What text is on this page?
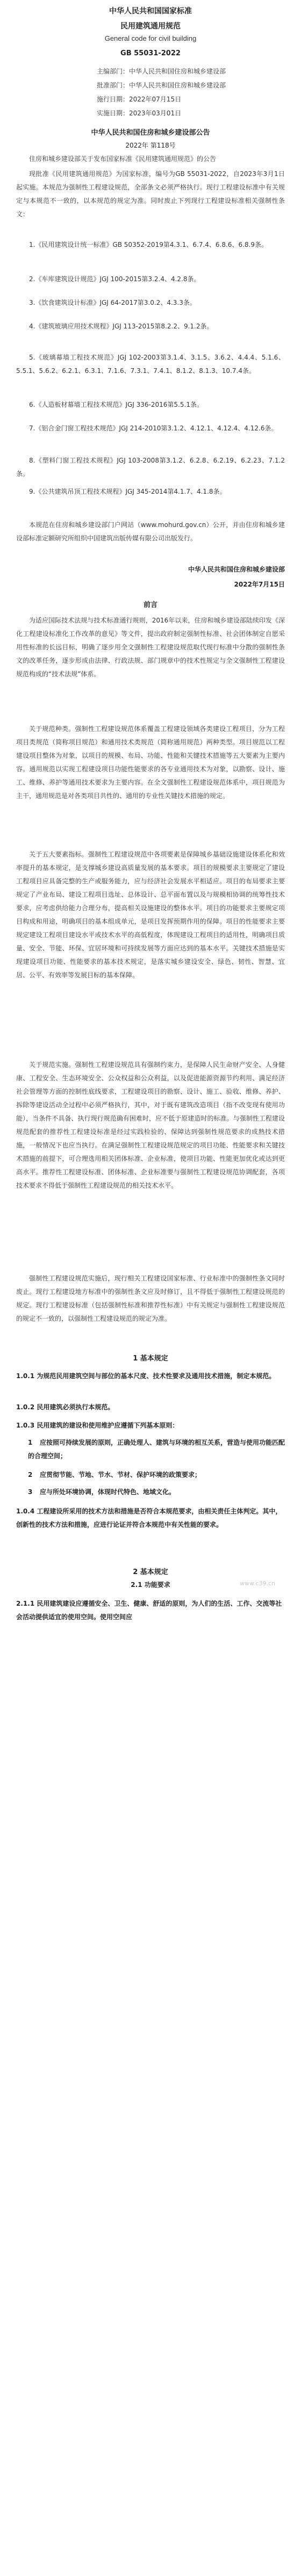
中华人民共和国国家标准
民用建筑通用规范
General code for civil building
GB 55031-2022
主编部门：中华人民共和国住房和城乡建设部
批准部门：中华人民共和国住房和城乡建设部
施行日期：2022年07月15日
实施日期：2023年03月01日
中华人民共和国住房和城乡建设部公告
2022年 第118号
住房和城乡建设部关于发布国家标准《民用建筑通用规范》的公告
现批准《民用建筑通用规范》为国家标准，编号为GB 55031-2022，自2023年3月1日起实施。本规范为强制性工程建设规范，全部条文必须严格执行。现行工程建设标准中有关规定与本规范不一致的，以本规范的规定为准。同时废止下列现行工程建设标准相关强制性条文：
1.《民用建筑设计统一标准》GB 50352-2019第4.3.1、6.7.4、6.8.6、6.8.9条。
2.《车库建筑设计规范》JGJ 100-2015第3.2.4、4.2.8条。
3.《饮食建筑设计标准》JGJ 64-2017第3.0.2、4.3.3条。
4.《建筑玻璃应用技术规程》JGJ 113-2015第8.2.2、9.1.2条。
5.《玻璃幕墙工程技术规范》JGJ 102-2003第3.1.4、3.1.5、3.6.2、4.4.4、5.1.6、5.5.1、5.6.2、6.2.1、6.3.1、7.1.6、7.3.1、7.4.1、8.1.2、8.1.3、10.7.4条。
6.《人造板材幕墙工程技术规范》JGJ 336-2016第5.5.1条。
7.《铝合金门窗工程技术规范》JGJ 214-2010第3.1.2、4.12.1、4.12.4、4.12.6条。
8.《塑料门窗工程技术规程》JGJ 103-2008第3.1.2、6.2.8、6.2.19、6.2.23、7.1.2条。
9.《公共建筑吊顶工程技术规程》JGJ 345-2014第4.1.7、4.1.8条。
本规范在住房和城乡建设部门户网站（www.mohurd.gov.cn）公开，并由住房和城乡建设部标准定额研究所组织中国建筑出版传媒有限公司出版发行。
中华人民共和国住房和城乡建设部
2022年7月15日
前言
为适应国际技术法规与技术标准通行规则，2016年以来，住房和城乡建设部陆续印发《深化工程建设标准化工作改革的意见》等文件，提出政府制定强制性标准、社会团体制定自愿采用性标准的长远目标，明确了逐步用全文强制性工程建设规范取代现行标准中分散的强制性条文的改革任务，逐步形成由法律、行政法规、部门规章中的技术性规定与全文强制性工程建设规范构成的“技术法规”体系。
关于规范种类。强制性工程建设规范体系覆盖工程建设领域各类建设工程项目，分为工程项目类规范（简称项目规范）和通用技术类规范（简称通用规范）两种类型。项目规范以工程建设项目整体为对象，以项目的规模、布局、功能、性能和关键技术措施等五大要素为主要内容。通用规范以实现工程建设项目功能性能要求的各专业通用技术为对象，以勘察、设计、施工、维修、养护等通用技术要求为主要内容。在全文强制性工程建设规范体系中，项目规范为主干，通用规范是对各类项目共性的、通用的专业性关键技术措施的规定。
关于五大要素指标。强制性工程建设规范中各项要素是保障城乡基础设施建设体系化和效率提升的基本规定，是支撑城乡建设高质量发展的基本要求。项目的规模要求主要规定了建设工程项目应具备完整的生产或服务能力，应与经济社会发展水平相适应。项目的布局要求主要规定了产业布局、建设工程项目选址、总体设计、总平面布置以及与规模相协调的统筹性技术要求，应考虑供给能力合理分布，提高相关设施建设的整体水平。项目的功能要求主要规定项目构成和用途，明确项目的基本组成单元，是项目发挥预期作用的保障。项目的性能要求主要规定建设工程项目建设水平或技术水平的高低程度，体现建设工程项目的适用性，明确项目质量、安全、节能、环保、宜居环境和可持续发展等方面应达到的基本水平。关键技术措施是实现建设项目功能、性能要求的基本技术规定，是落实城乡建设安全、绿色、韧性、智慧、宜居、公平、有效率等发展目标的基本保障。
关于规范实施。强制性工程建设规范具有强制约束力，是保障人民生命财产安全、人身健康、工程安全、生态环境安全、公众权益和公众利益，以及促进能源资源节约利用、满足经济社会管理等方面的控制性底线要求，工程建设项目的勘察、设计、施工、验收、维修、养护、拆除等建设活动全过程中必须严格执行，其中，对于既有建筑改造项目（指不改变现有使用功能），当条件不具备、执行现行规范确有困难时，应不低于原建造时的标准。与强制性工程建设规范配套的推荐性工程建设标准是经过实践检验的、保障达到强制性规范要求的成熟技术措施，一般情况下也应当执行。在满足强制性工程建设规范规定的项目功能、性能要求和关键技术措施的前提下，可合理选用相关团体标准、企业标准，使项目功能、性能更加优化或达到更高水平。推荐性工程建设标准、团体标准、企业标准要与强制性工程建设规范协调配套，各项技术要求不得低于强制性工程建设规范的相关技术水平。
强制性工程建设规范实施后，现行相关工程建设国家标准、行业标准中的强制性条文同时废止。现行工程建设地方标准中的强制性条文应及时修订，且不得低于强制性工程建设规范的规定。现行工程建设标准（包括强制性标准和推荐性标准）中有关规定与强制性工程建设规范的规定不一致的，以强制性工程建设规范的规定为准。
1 基本规定
1.0.1 为规范民用建筑空间与部位的基本尺度、技术性要求及通用技术措施，制定本规范。
1.0.2 民用建筑必须执行本规范。
1.0.3 民用建筑的建设和使用维护应遵循下列基本原则：
1 应按照可持续发展的原则，正确处理人、建筑与环境的相互关系，营造与使用功能匹配的合理空间；
2 应贯彻节能、节地、节水、节材、保护环境的政策要求；
3 应与所处环境协调，体现时代特色、地域文化。
1.0.4 工程建设所采用的技术方法和措施是否符合本规范要求，由相关责任主体判定。其中，创新性的技术方法和措施，应进行论证并符合本规范中有关性能的要求。
2 基本规定
2.1 功能要求
2.1.1 民用建筑建设应遵循安全、卫生、健康、舒适的原则，为人们的生活、工作、交流等社会活动提供适宜的使用空间。使用空间应
www.c39.cn
